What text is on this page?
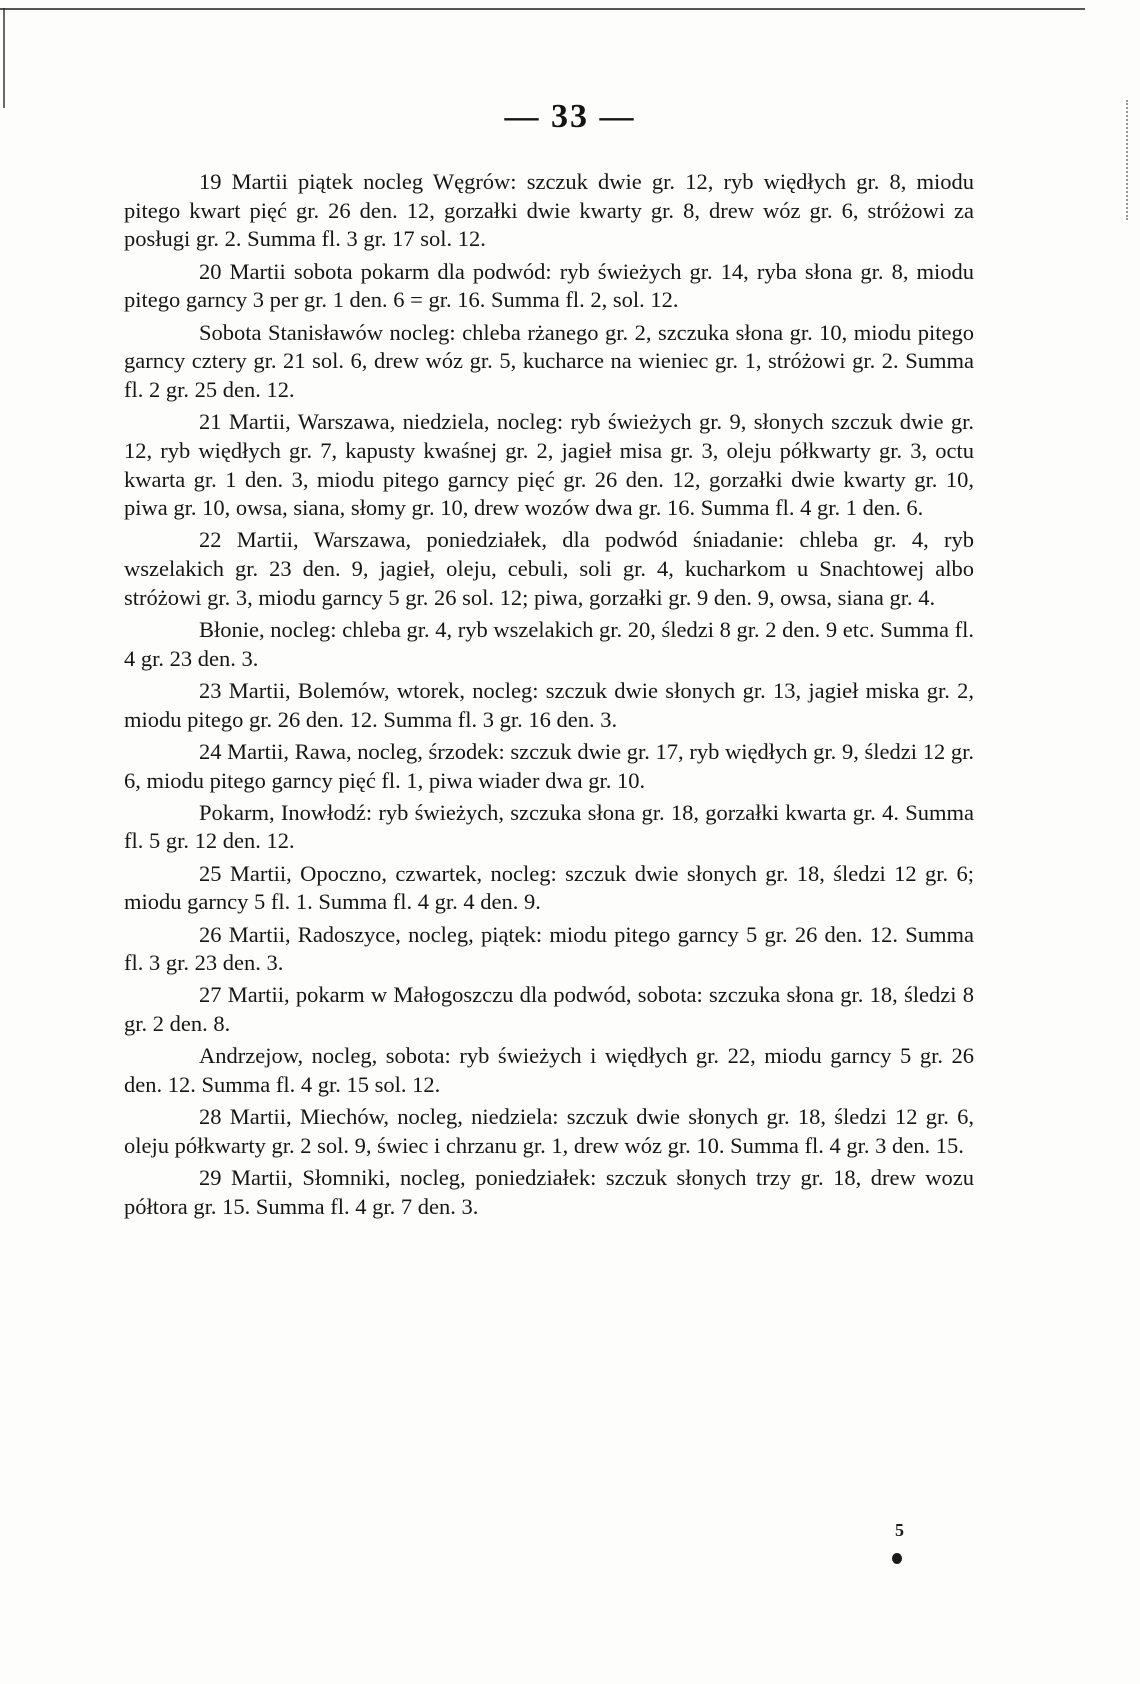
— 33 —

19 Martii piątek nocleg Węgrów: szczuk dwie gr. 12, ryb więdłych gr. 8, miodu pitego kwart pięć gr. 26 den. 12, gorzałki dwie kwarty gr. 8, drew wóz gr. 6, stróżowi za posługi gr. 2. Summa fl. 3 gr. 17 sol. 12.

20 Martii sobota pokarm dla podwód: ryb świeżych gr. 14, ryba słona gr. 8, miodu pitego garncy 3 per gr. 1 den. 6 = gr. 16. Summa fl. 2, sol. 12.

Sobota Stanisławów nocleg: chleba rżanego gr. 2, szczuka słona gr. 10, miodu pitego garncy cztery gr. 21 sol. 6, drew wóz gr. 5, kucharce na wieniec gr. 1, stróżowi gr. 2. Summa fl. 2 gr. 25 den. 12.

21 Martii, Warszawa, niedziela, nocleg: ryb świeżych gr. 9, słonych szczuk dwie gr. 12, ryb więdłych gr. 7, kapusty kwaśnej gr. 2, jagieł misa gr. 3, oleju półkwarty gr. 3, octu kwarta gr. 1 den. 3, miodu pitego garncy pięć gr. 26 den. 12, gorzałki dwie kwarty gr. 10, piwa gr. 10, owsa, siana, słomy gr. 10, drew wozów dwa gr. 16. Summa fl. 4 gr. 1 den. 6.

22 Martii, Warszawa, poniedziałek, dla podwód śniadanie: chleba gr. 4, ryb wszelakich gr. 23 den. 9, jagieł, oleju, cebuli, soli gr. 4, kucharkom u Snachtowej albo stróżowi gr. 3, miodu garncy 5 gr. 26 sol. 12; piwa, gorzałki gr. 9 den. 9, owsa, siana gr. 4.

Błonie, nocleg: chleba gr. 4, ryb wszelakich gr. 20, śledzi 8 gr. 2 den. 9 etc. Summa fl. 4 gr. 23 den. 3.

23 Martii, Bolemów, wtorek, nocleg: szczuk dwie słonych gr. 13, jagieł miska gr. 2, miodu pitego gr. 26 den. 12. Summa fl. 3 gr. 16 den. 3.

24 Martii, Rawa, nocleg, śrzodek: szczuk dwie gr. 17, ryb więdłych gr. 9, śledzi 12 gr. 6, miodu pitego garncy pięć fl. 1, piwa wiader dwa gr. 10.

Pokarm, Inowłodź: ryb świeżych, szczuka słona gr. 18, gorzałki kwarta gr. 4. Summa fl. 5 gr. 12 den. 12.

25 Martii, Opoczno, czwartek, nocleg: szczuk dwie słonych gr. 18, śledzi 12 gr. 6; miodu garncy 5 fl. 1. Summa fl. 4 gr. 4 den. 9.

26 Martii, Radoszyce, nocleg, piątek: miodu pitego garncy 5 gr. 26 den. 12. Summa fl. 3 gr. 23 den. 3.

27 Martii, pokarm w Małogoszczu dla podwód, sobota: szczuka słona gr. 18, śledzi 8 gr. 2 den. 8.

Andrzejow, nocleg, sobota: ryb świeżych i więdłych gr. 22, miodu garncy 5 gr. 26 den. 12. Summa fl. 4 gr. 15 sol. 12.

28 Martii, Miechów, nocleg, niedziela: szczuk dwie słonych gr. 18, śledzi 12 gr. 6, oleju półkwarty gr. 2 sol. 9, świec i chrzanu gr. 1, drew wóz gr. 10. Summa fl. 4 gr. 3 den. 15.

29 Martii, Słomniki, nocleg, poniedziałek: szczuk słonych trzy gr. 18, drew wozu półtora gr. 15. Summa fl. 4 gr. 7 den. 3.

5
